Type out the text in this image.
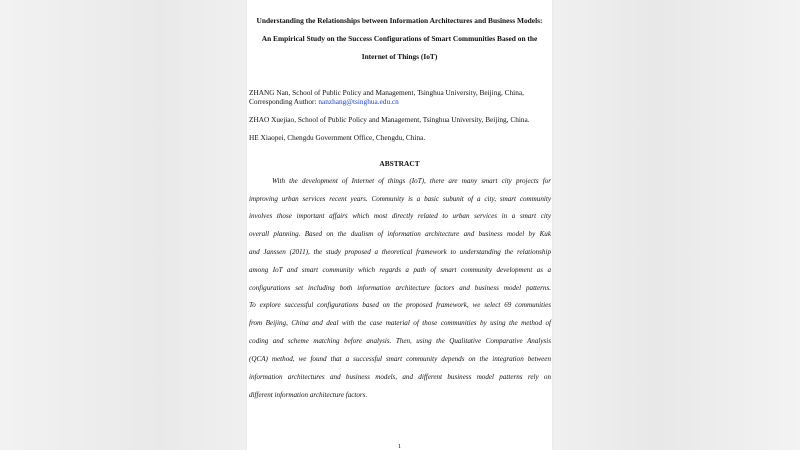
Understanding the Relationships between Information Architectures and Business Models:
An Empirical Study on the Success Configurations of Smart Communities Based on the
Internet of Things (IoT)
ZHANG Nan, School of Public Policy and Management, Tsinghua University, Beijing, China,
Corresponding Author: nanzhang@tsinghua.edu.cn
ZHAO Xuejiao, School of Public Policy and Management, Tsinghua University, Beijing, China.
HE Xiaopei, Chengdu Government Office, Chengdu, China.
ABSTRACT
With the development of Internet of things (IoT), there are many smart city projects for
improving urban services recent years. Community is a basic subunit of a city, smart community
involves those important affairs which most directly related to urban services in a smart city
overall planning. Based on the dualism of information architecture and business model by Kuk
and Janssen (2011), the study proposed a theoretical framework to understanding the relationship
among IoT and smart community which regards a path of smart community development as a
configurations set including both information architecture factors and business model patterns.
To explore successful configurations based on the proposed framework, we select 69 communities
from Beijing, China and deal with the case material of those communities by using the method of
coding and scheme matching before analysis. Then, using the Qualitative Comparative Analysis
(QCA) method, we found that a successful smart community depends on the integration between
information architectures and business models, and different business model patterns rely on
different information architecture factors.
1
